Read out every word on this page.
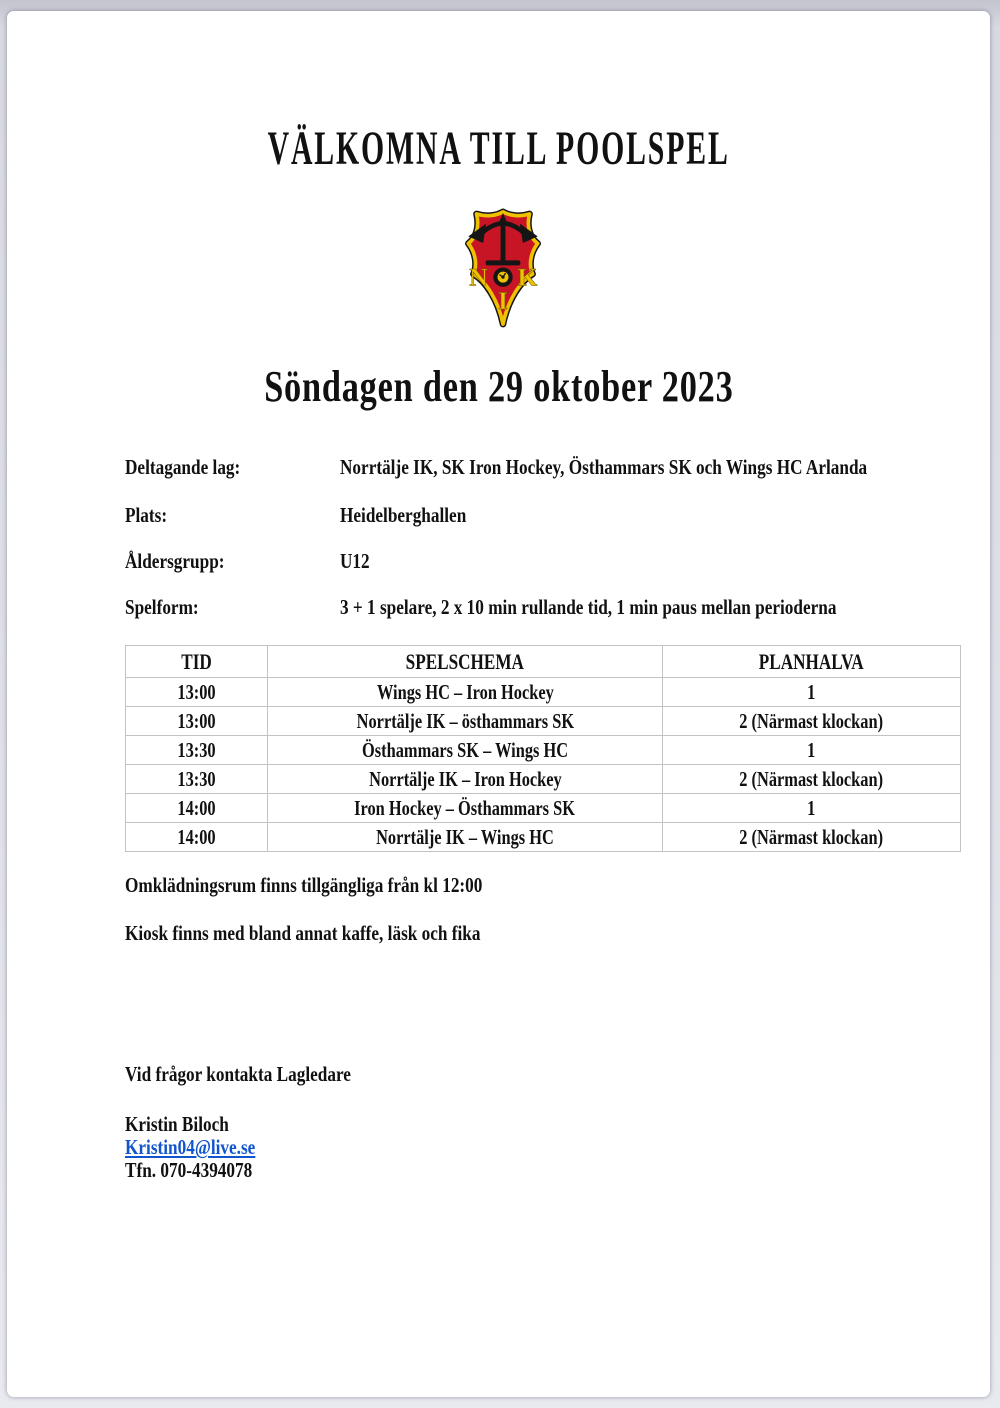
VÄLKOMNA TILL POOLSPEL
N K
I
Söndagen den 29 oktober 2023
Deltagande lag:	Norrtälje IK, SK Iron Hockey, Östhammars SK och Wings HC Arlanda
Plats:	Heidelberghallen
Åldersgrupp:	U12
Spelform:	3 + 1 spelare, 2 x 10 min rullande tid, 1 min paus mellan perioderna
TID	SPELSCHEMA	PLANHALVA
13:00	Wings HC – Iron Hockey	1
13:00	Norrtälje IK – östhammars SK	2 (Närmast klockan)
13:30	Östhammars SK – Wings HC	1
13:30	Norrtälje IK – Iron Hockey	2 (Närmast klockan)
14:00	Iron Hockey – Östhammars SK	1
14:00	Norrtälje IK – Wings HC	2 (Närmast klockan)

Omklädningsrum finns tillgängliga från kl 12:00

Kiosk finns med bland annat kaffe, läsk och fika

Vid frågor kontakta Lagledare

Kristin Biloch

Kristin04@live.se

Tfn. 070-4394078
